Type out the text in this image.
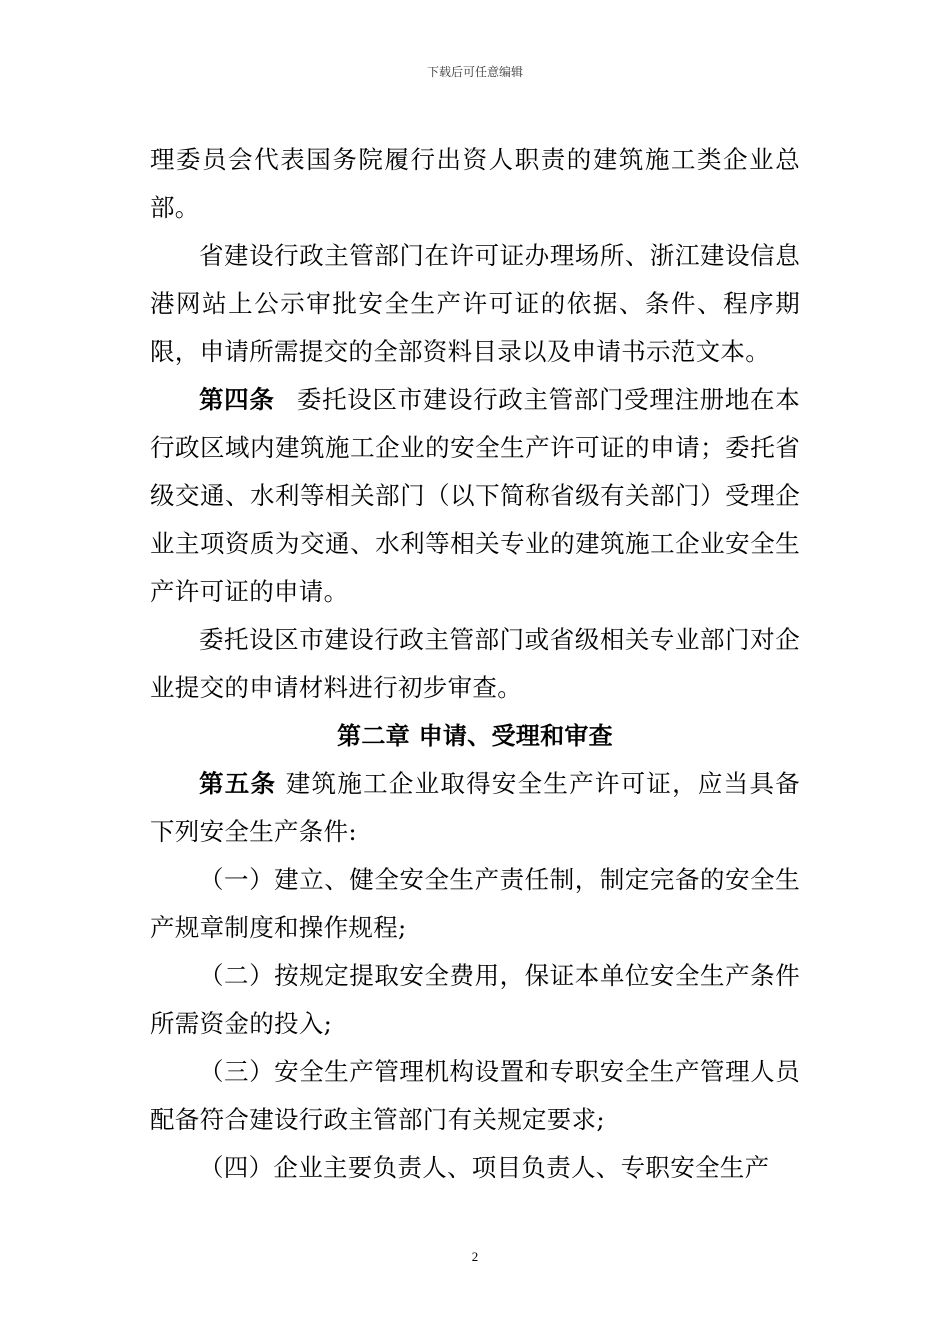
下载后可任意编辑

理委员会代表国务院履行出资人职责的建筑施工类企业总部。

省建设行政主管部门在许可证办理场所、浙江建设信息港网站上公示审批安全生产许可证的依据、条件、程序期限，申请所需提交的全部资料目录以及申请书示范文本。

第四条 委托设区市建设行政主管部门受理注册地在本行政区域内建筑施工企业的安全生产许可证的申请；委托省级交通、水利等相关部门（以下简称省级有关部门）受理企业主项资质为交通、水利等相关专业的建筑施工企业安全生产许可证的申请。

委托设区市建设行政主管部门或省级相关专业部门对企业提交的申请材料进行初步审查。

第二章 申请、受理和审查

第五条 建筑施工企业取得安全生产许可证，应当具备下列安全生产条件:

（一）建立、健全安全生产责任制，制定完备的安全生产规章制度和操作规程;

（二）按规定提取安全费用，保证本单位安全生产条件所需资金的投入;

（三）安全生产管理机构设置和专职安全生产管理人员配备符合建设行政主管部门有关规定要求;

（四）企业主要负责人、项目负责人、专职安全生产

2
